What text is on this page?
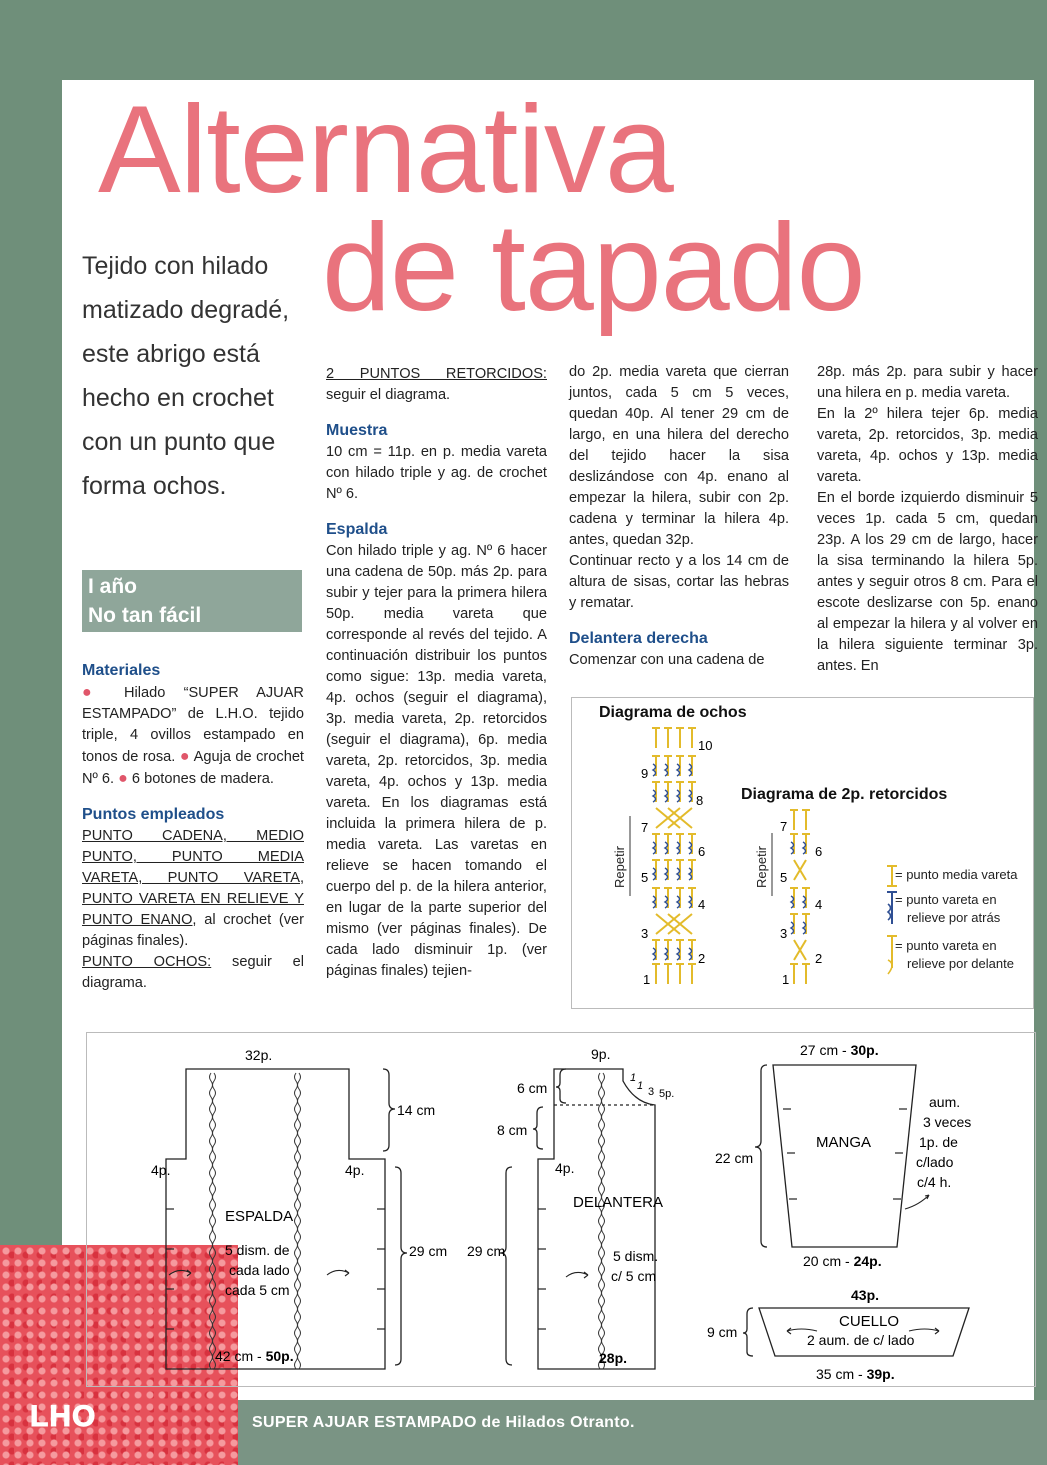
LHO	SUPER AJUAR ESTAMPADO de Hilados Otranto.
Alternativa
de tapado
Tejido con hilado
matizado degradé,
este abrigo está
hecho en crochet
con un punto que
forma ochos.
I año
No tan fácil
Materiales

● Hilado “SUPER AJUAR ESTAMPADO” de L.H.O. tejido triple, 4 ovillos estampado en tonos de rosa. ● Aguja de crochet Nº 6. ● 6 botones de madera.

Puntos empleados

PUNTO CADENA, MEDIO PUNTO, PUNTO MEDIA VARETA, PUNTO VARETA, PUNTO VARETA EN RELIEVE Y PUNTO ENANO, al crochet (ver páginas finales).

PUNTO OCHOS: seguir el diagrama.

2 PUNTOS RETORCIDOS: seguir el diagrama.

Muestra

10 cm = 11p. en p. media vareta con hilado triple y ag. de crochet Nº 6.

Espalda

Con hilado triple y ag. Nº 6 hacer una cadena de 50p. más 2p. para subir y tejer para la primera hilera 50p. media vareta que corresponde al revés del tejido. A continuación distribuir los puntos como sigue: 13p. media vareta, 4p. ochos (seguir el diagrama), 3p. media vareta, 2p. retorcidos (seguir el diagrama), 6p. media vareta, 2p. retorcidos, 3p. media vareta, 4p. ochos y 13p. media vareta. En los diagramas está incluida la primera hilera de p. media vareta. Las varetas en relieve se hacen tomando el cuerpo del p. de la hilera anterior, en lugar de la parte superior del mismo (ver páginas finales). De cada lado disminuir 1p. (ver páginas finales) tejien-

do 2p. media vareta que cierran juntos, cada 5 cm 5 veces, quedan 40p. Al tener 29 cm de largo, en una hilera del derecho del tejido hacer la sisa deslizándose con 4p. enano al empezar la hilera, subir con 2p. cadena y terminar la hilera 4p. antes, quedan 32p.

Continuar recto y a los 14 cm de altura de sisas, cortar las hebras y rematar.

Delantera derecha

Comenzar con una cadena de

28p. más 2p. para subir y hacer una hilera en p. media vareta.

En la 2º hilera tejer 6p. media vareta, 2p. retorcidos, 3p. media vareta, 4p. ochos y 13p. media vareta.

En el borde izquierdo disminuir 5 veces 1p. cada 5 cm, quedan 23p. A los 29 cm de largo, hacer la sisa terminando la hilera 5p. antes y seguir otros 8 cm. Para el escote deslizarse con 5p. enano al empezar la hilera y al volver en la hilera siguiente terminar 3p. antes. En

Diagrama de ochos
Diagrama de 2p. retorcidos
Repetir	Repetir
10
9
8
7
6
5
4
3
2
1
7
6
5
4
3
2
1
= punto media vareta
= punto vareta en
relieve por atrás
= punto vareta en
relieve por delante
32p.
14 cm
4p.	4p.
ESPALDA
5 dism. de
cada lado
cada 5 cm
29 cm
42 cm - 50p.
9p.
6 cm
8 cm
29 cm
1
1 3 5p.
4p.
DELANTERA
5 dism.
c/ 5 cm
28p.
27 cm - 30p.
MANGA
22 cm
aum.
3 veces
1p. de
c/lado
c/4 h.
20 cm - 24p.
43p.
CUELLO
2 aum. de c/ lado
9 cm
35 cm - 39p.
